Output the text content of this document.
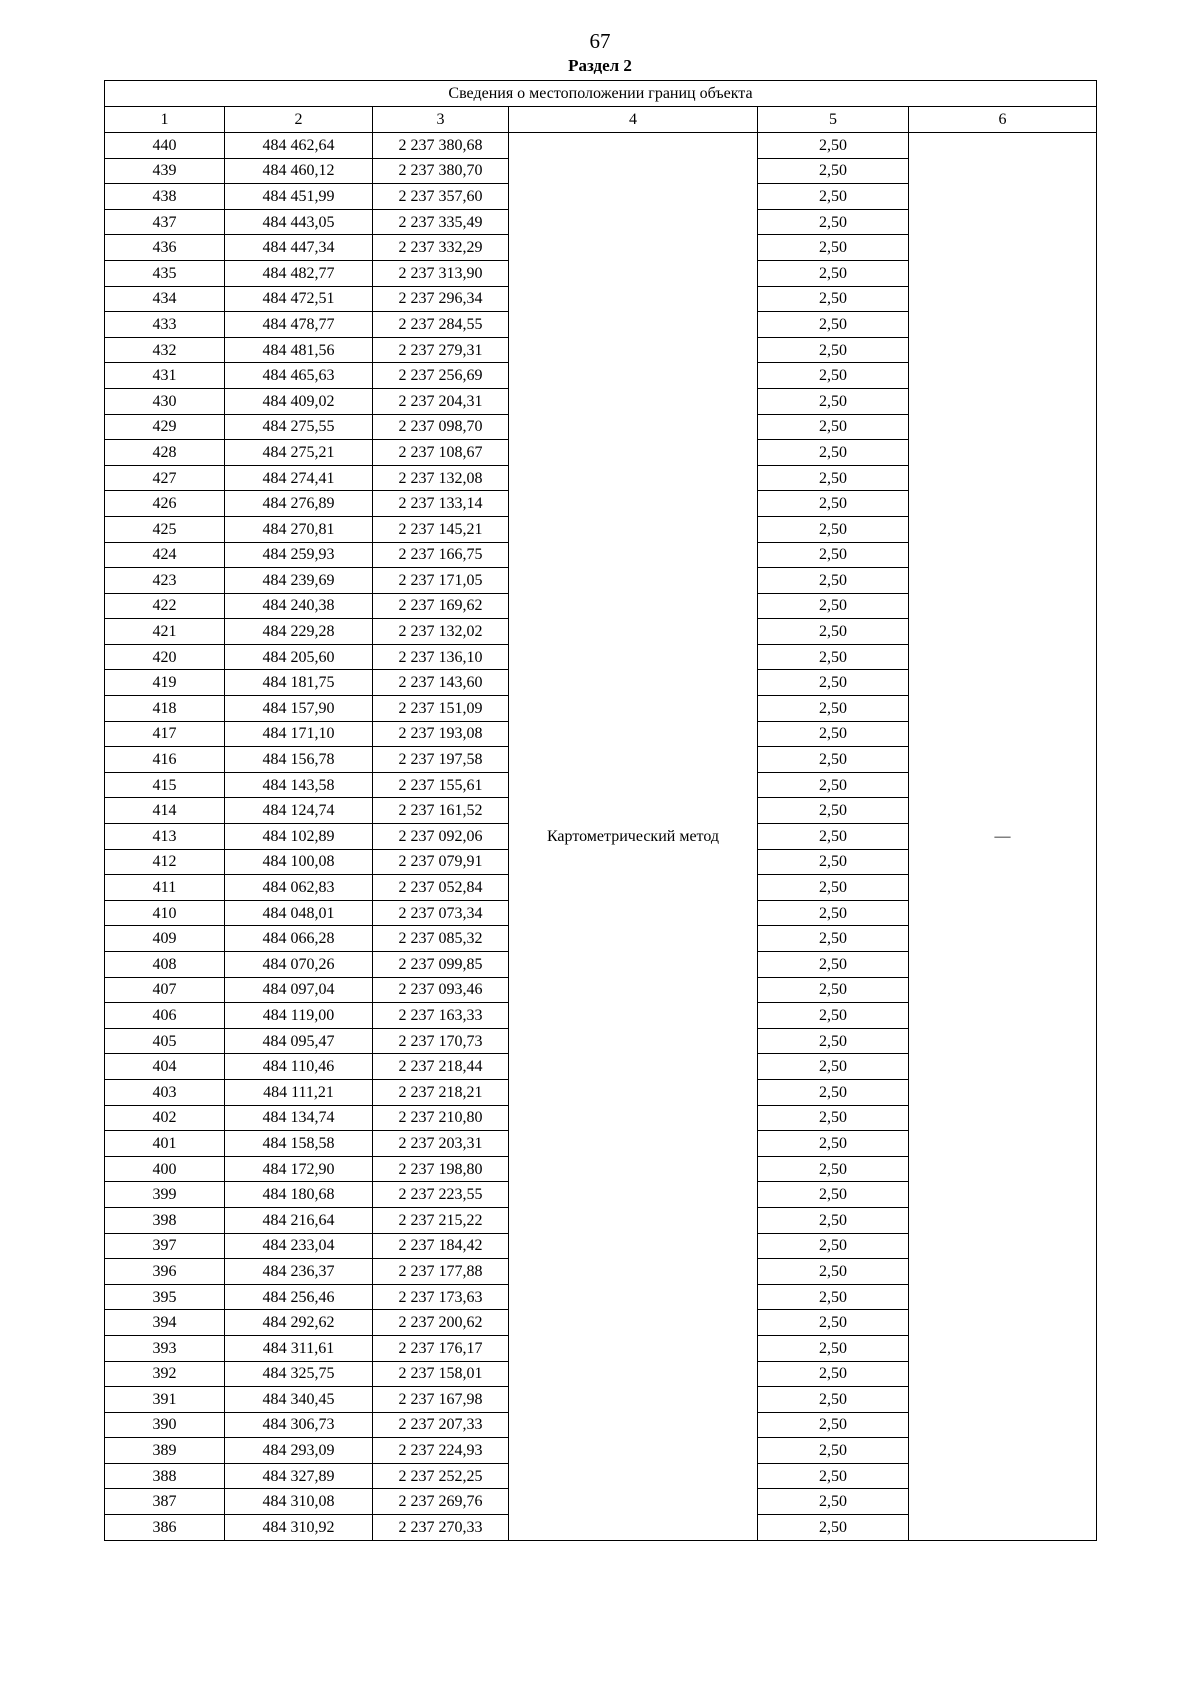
67
Раздел 2
Сведения о местоположении границ объекта					
1	2	3	4	5	6
440	484 462,64	2 237 380,68	Картометрический метод	2,50	—
439	484 460,12	2 237 380,70		2,50	
438	484 451,99	2 237 357,60		2,50	
437	484 443,05	2 237 335,49		2,50	
436	484 447,34	2 237 332,29		2,50	
435	484 482,77	2 237 313,90		2,50	
434	484 472,51	2 237 296,34		2,50	
433	484 478,77	2 237 284,55		2,50	
432	484 481,56	2 237 279,31		2,50	
431	484 465,63	2 237 256,69		2,50	
430	484 409,02	2 237 204,31		2,50	
429	484 275,55	2 237 098,70		2,50	
428	484 275,21	2 237 108,67		2,50	
427	484 274,41	2 237 132,08		2,50	
426	484 276,89	2 237 133,14		2,50	
425	484 270,81	2 237 145,21		2,50	
424	484 259,93	2 237 166,75		2,50	
423	484 239,69	2 237 171,05		2,50	
422	484 240,38	2 237 169,62		2,50	
421	484 229,28	2 237 132,02		2,50	
420	484 205,60	2 237 136,10		2,50	
419	484 181,75	2 237 143,60		2,50	
418	484 157,90	2 237 151,09		2,50	
417	484 171,10	2 237 193,08		2,50	
416	484 156,78	2 237 197,58		2,50	
415	484 143,58	2 237 155,61		2,50	
414	484 124,74	2 237 161,52		2,50	
413	484 102,89	2 237 092,06		2,50	
412	484 100,08	2 237 079,91		2,50	
411	484 062,83	2 237 052,84		2,50	
410	484 048,01	2 237 073,34		2,50	
409	484 066,28	2 237 085,32		2,50	
408	484 070,26	2 237 099,85		2,50	
407	484 097,04	2 237 093,46		2,50	
406	484 119,00	2 237 163,33		2,50	
405	484 095,47	2 237 170,73		2,50	
404	484 110,46	2 237 218,44		2,50	
403	484 111,21	2 237 218,21		2,50	
402	484 134,74	2 237 210,80		2,50	
401	484 158,58	2 237 203,31		2,50	
400	484 172,90	2 237 198,80		2,50	
399	484 180,68	2 237 223,55		2,50	
398	484 216,64	2 237 215,22		2,50	
397	484 233,04	2 237 184,42		2,50	
396	484 236,37	2 237 177,88		2,50	
395	484 256,46	2 237 173,63		2,50	
394	484 292,62	2 237 200,62		2,50	
393	484 311,61	2 237 176,17		2,50	
392	484 325,75	2 237 158,01		2,50	
391	484 340,45	2 237 167,98		2,50	
390	484 306,73	2 237 207,33		2,50	
389	484 293,09	2 237 224,93		2,50	
388	484 327,89	2 237 252,25		2,50	
387	484 310,08	2 237 269,76		2,50	
386	484 310,92	2 237 270,33		2,50	
